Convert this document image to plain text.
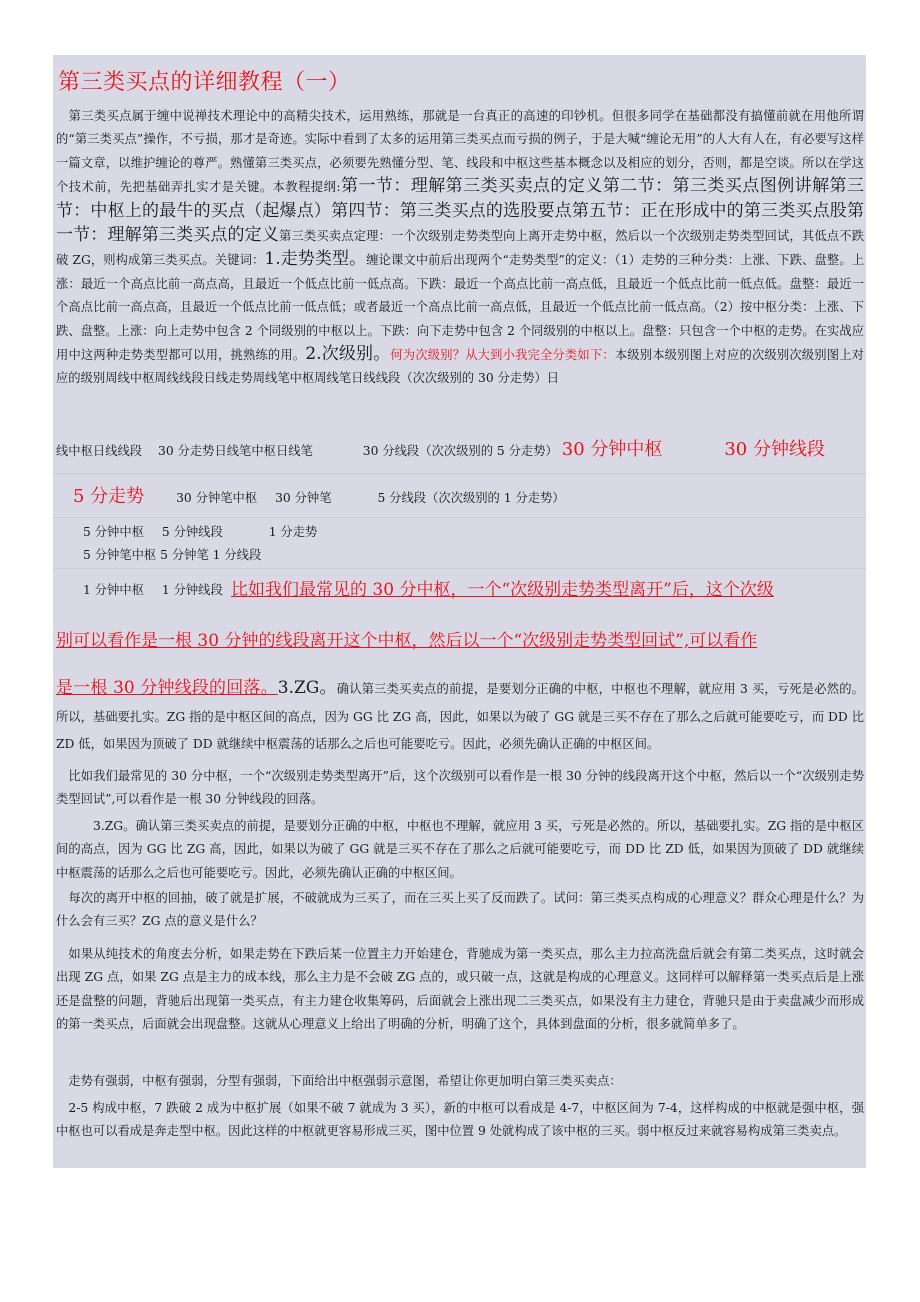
第三类买点的详细教程（一）

　第三类买点属于缠中说禅技术理论中的高精尖技术，运用熟练，那就是一台真正的高速的印钞机。但很多同学在基础都没有搞懂前就在用他所谓的“第三类买点”操作，不亏损，那才是奇迹。实际中看到了太多的运用第三类买点而亏损的例子，于是大喊“缠论无用”的人大有人在，有必要写这样一篇文章，以维护缠论的尊严。熟懂第三类买点，必须要先熟懂分型、笔、线段和中枢这些基本概念以及相应的划分，否则，都是空谈。所以在学这个技术前，先把基础弄扎实才是关键。本教程提纲:第一节：理解第三类买卖点的定义第二节：第三类买点图例讲解第三节：中枢上的最牛的买点（起爆点）第四节：第三类买点的选股要点第五节：正在形成中的第三类买点股第一节：理解第三类买点的定义第三类买卖点定理：一个次级别走势类型向上离开走势中枢，然后以一个次级别走势类型回试，其低点不跌破 ZG，则构成第三类买点。关键词：1.走势类型。缠论课文中前后出现两个“走势类型”的定义：（1）走势的三种分类：上涨、下跌、盘整。上涨：最近一个高点比前一高点高，且最近一个低点比前一低点高。下跌：最近一个高点比前一高点低，且最近一个低点比前一低点低。盘整：最近一个高点比前一高点高，且最近一个低点比前一低点低；或者最近一个高点比前一高点低，且最近一个低点比前一低点高。（2）按中枢分类：上涨、下跌、盘整。上涨：向上走势中包含 2 个同级别的中枢以上。下跌：向下走势中包含 2 个同级别的中枢以上。盘整：只包含一个中枢的走势。在实战应用中这两种走势类型都可以用，挑熟练的用。2.次级别。何为次级别？从大到小我完全分类如下：本级别本级别图上对应的次级别次级别图上对应的级别周线中枢周线线段日线走势周线笔中枢周线笔日线线段（次次级别的 30 分走势）日

线中枢日线线段 30 分走势日线笔中枢日线笔	30 分线段（次次级别的 5 分走势） 30 分钟中枢	30 分钟线段
5 分走势	30 分钟笔中枢 30 分钟笔	5 分线段（次次级别的 1 分走势）
5 分钟中枢 5 分钟线段	1 分走势
5 分钟笔中枢 5 分钟笔 1 分线段
1 分钟中枢 1 分钟线段 比如我们最常见的 30 分中枢，一个“次级别走势类型离开”后，这个次级
别可以看作是一根 30 分钟的线段离开这个中枢，然后以一个“次级别走势类型回试”,可以看作

是一根 30 分钟线段的回落。3.ZG。确认第三类买卖点的前提，是要划分正确的中枢，中枢也不理解，就应用 3 买，亏死是必然的。所以，基础要扎实。ZG 指的是中枢区间的高点，因为 GG 比 ZG 高，因此，如果以为破了 GG 就是三买不存在了那么之后就可能要吃亏，而 DD 比 ZD 低，如果因为顶破了 DD 就继续中枢震荡的话那么之后也可能要吃亏。因此，必须先确认正确的中枢区间。

　比如我们最常见的 30 分中枢，一个“次级别走势类型离开”后，这个次级别可以看作是一根 30 分钟的线段离开这个中枢，然后以一个“次级别走势类型回试”,可以看作是一根 30 分钟线段的回落。

　　　3.ZG。确认第三类买卖点的前提，是要划分正确的中枢，中枢也不理解，就应用 3 买，亏死是必然的。所以，基础要扎实。ZG 指的是中枢区间的高点，因为 GG 比 ZG 高，因此，如果以为破了 GG 就是三买不存在了那么之后就可能要吃亏，而 DD 比 ZD 低，如果因为顶破了 DD 就继续中枢震荡的话那么之后也可能要吃亏。因此，必须先确认正确的中枢区间。

　每次的离开中枢的回抽，破了就是扩展，不破就成为三买了，而在三买上买了反而跌了。试问：第三类买点构成的心理意义？群众心理是什么？为什么会有三买？ZG 点的意义是什么？

　如果从纯技术的角度去分析，如果走势在下跌后某一位置主力开始建仓，背驰成为第一类买点，那么主力拉高洗盘后就会有第二类买点，这时就会出现 ZG 点，如果 ZG 点是主力的成本线，那么主力是不会破 ZG 点的，或只破一点，这就是构成的心理意义。这同样可以解释第一类买点后是上涨还是盘整的问题，背驰后出现第一类买点，有主力建仓收集筹码，后面就会上涨出现二三类买点，如果没有主力建仓，背驰只是由于卖盘减少而形成的第一类买点，后面就会出现盘整。这就从心理意义上给出了明确的分析，明确了这个，具体到盘面的分析，很多就简单多了。

　走势有强弱，中枢有强弱，分型有强弱，下面给出中枢强弱示意图，希望让你更加明白第三类买卖点：

　2-5 构成中枢，7 跌破 2 成为中枢扩展（如果不破 7 就成为 3 买），新的中枢可以看成是 4-7，中枢区间为 7-4，这样构成的中枢就是强中枢，强中枢也可以看成是奔走型中枢。因此这样的中枢就更容易形成三买，图中位置 9 处就构成了该中枢的三买。弱中枢反过来就容易构成第三类卖点。
